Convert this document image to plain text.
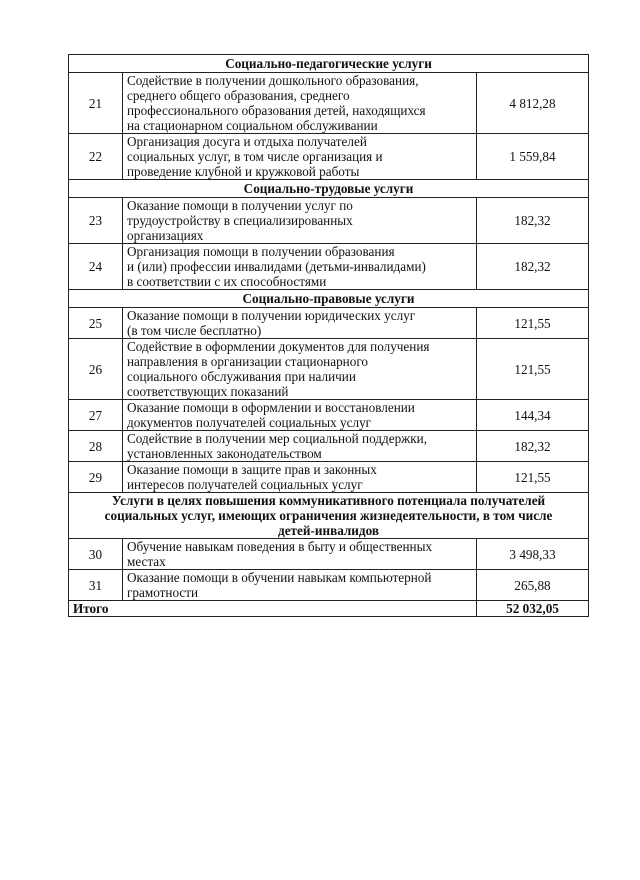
Социально-педагогические услуги		
21	Содействие в получении дошкольного образования,
среднего общего образования, среднего
профессионального образования детей, находящихся
на стационарном социальном обслуживании	4 812,28
22	Организация досуга и отдыха получателей
социальных услуг, в том числе организация и
проведение клубной и кружковой работы	1 559,84
Социально-трудовые услуги		
23	Оказание помощи в получении услуг по
трудоустройству в специализированных
организациях	182,32
24	Организация помощи в получении образования
и (или) профессии инвалидами (детьми-инвалидами)
в соответствии с их способностями	182,32
Социально-правовые услуги		
25	Оказание помощи в получении юридических услуг
(в том числе бесплатно)	121,55
26	Содействие в оформлении документов для получения
направления в организации стационарного
социального обслуживания при наличии
соответствующих показаний	121,55
27	Оказание помощи в оформлении и восстановлении
документов получателей социальных услуг	144,34
28	Содействие в получении мер социальной поддержки,
установленных законодательством	182,32
29	Оказание помощи в защите прав и законных
интересов получателей социальных услуг	121,55

Услуги в целях повышения коммуникативного потенциала получателей
социальных услуг, имеющих ограничения жизнедеятельности, в том числе
детей-инвалидов		

30	Обучение навыкам поведения в быту и общественных
местах	3 498,33
31	Оказание помощи в обучении навыкам компьютерной
грамотности	265,88
Итого		52 032,05
